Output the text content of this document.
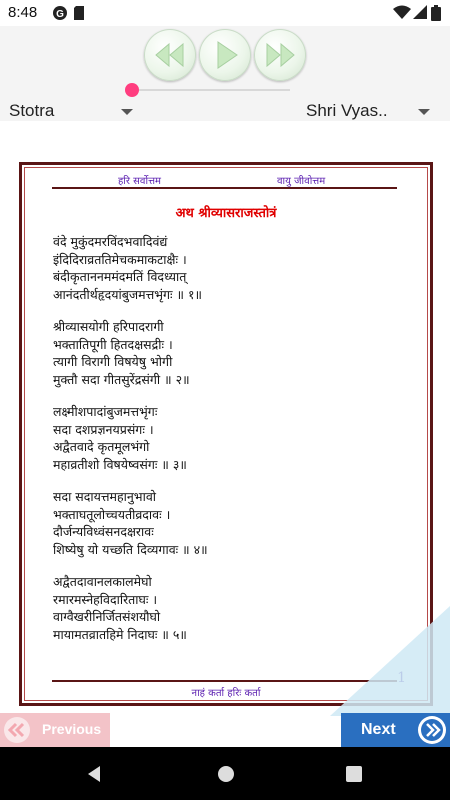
8:48 G
Stotra	Shri Vyas..
हरि सर्वोत्तम	वायु जीवोत्तम
अथ श्रीव्यासराजस्तोत्रं
वंदे मुकुंदमरविंदभवादिवंद्यं
इंदिदिराव्रततिमेचकमाकटाक्षैः ।
बंदीकृताननममंदमतिं विदध्यात्
आनंदतीर्थहृदयांबुजमत्तभृंगः ॥ १॥
श्रीव्यासयोगी हरिपादरागी
भक्तातिपूगी हितदक्षसद्रीः ।
त्यागी विरागी विषयेषु भोगी
मुक्तौ सदा गीतसुरेंद्रसंगी ॥ २॥
लक्ष्मीशपादांबुजमत्तभृंगः
सदा दशप्रज्ञनयप्रसंगः ।
अद्वैतवादे कृतमूलभंगो
महाव्रतीशो विषयेष्वसंगः ॥ ३॥
सदा सदायत्तमहानुभावो
भक्ताघतूलोच्चयतीव्रदावः ।
दौर्जन्यविध्वंसनदक्षरावः
शिष्येषु यो यच्छति दिव्यगावः ॥ ४॥
अद्वैतदावानलकालमेघो
रमारमस्नेहविदारिताघः ।
वाग्वैखरीनिर्जितसंशयौघो
मायामतव्रातहिमे निदाघः ॥ ५॥
नाहं कर्ता हरिः कर्ता
Previous	Next
